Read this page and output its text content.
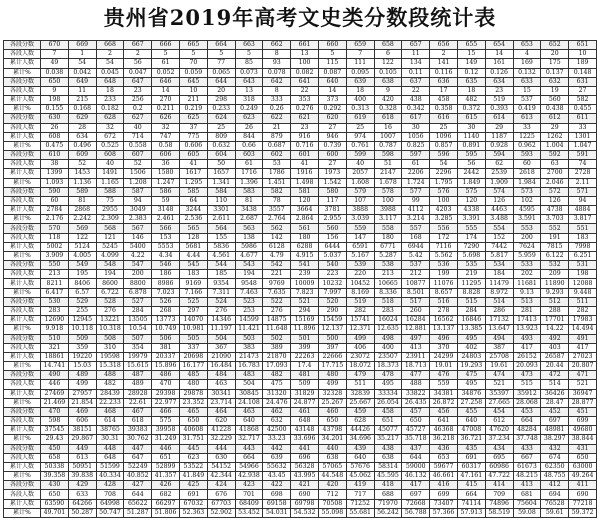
贵州省2019年高考文史类分数段统计表
各段分数	670	669	668	667	666	665	664	663	662	661	660	659	658	657	656	655	654	653	652	651
各段人数	7	1	2	2	5	5	5	5	8	13	5	7	6	11	2	15	14	4	20	10
累计人数	49	54	54	56	61	70	77	85	93	100	115	111	122	134	141	149	161	169	175	189
累计%	0.038	0.042	0.045	0.047	0.052	0.059	0.065	0.073	0.078	0.082	0.087	0.095	0.105	0.11	0.116	0.12	0.126	0.132	0.137	0.148
各段分数	650	649	648	647	646	645	644	643	642	641	640	639	638	637	636	635	634	633	632	631
各段人数	9	11	18	23	14	10	20	13	8	22	14	18	9	22	17	18	23	15	19	27
累计人数	198	215	233	256	270	211	298	318	333	353	373	400	420	438	458	482	519	537	560	582
累计%	0.155	0.168	0.182	0.2	0.211	0.219	0.233	0.249	0.26	0.276	0.292	0.313	0.328	0.342	0.358	0.372	0.393	0.419	0.438	0.455
各段分数	630	629	628	627	626	625	624	623	622	621	620	619	618	617	616	615	614	613	612	611
各段人数	26	28	32	40	32	37	25	26	21	23	27	25	16	30	25	30	29	33	29	33
累计人数	608	634	672	714	747	775	809	844	879	916	946	974	1007	1056	1096	1140	1187	1225	1262	1301
累计%	0.475	0.496	0.525	0.558	0.58	0.606	0.632	0.66	0.687	0.716	0.739	0.761	0.787	0.825	0.857	0.891	0.928	0.962	1.004	1.047
各段分数	610	609	608	607	606	605	604	603	602	601	600	599	598	597	596	595	594	593	592	591
各段人数	38	52	40	52	36	41	50	61	53	41	27	40	51	61	54	56	62	60	63	74
累计人数	1399	1453	1491	1506	1580	1617	1657	1716	1786	1916	1973	2057	2147	2206	2296	2442	2539	2618	2700	2728
累计%	1.093	1.136	1.165	1.208	1.247	1.295	1.341	1.396	1.451	1.498	1.542	1.608	1.678	1.724	1.795	1.849	1.909	1.984	2.046	2.11
各段分数	590	589	588	587	586	585	584	583	582	581	580	579	578	577	576	575	574	573	572	571
各段人数	60	81	75	94	59	64	110	81	78	120	117	107	100	99	100	120	126	102	126	94
累计人数	2784	2868	2955	3049	3148	3244	3301	3438	3557	3664	3781	3888	3988	4112	4203	4338	4463	4595	4738	4884
累计%	2.176	2.242	2.309	2.383	2.461	2.536	2.611	2.687	2.764	2.864	2.955	3.039	3.117	3.214	3.285	3.391	3.488	3.591	3.703	3.817
各段分数	570	569	568	567	566	565	564	563	562	561	560	559	558	557	556	555	554	553	552	551
各段人数	118	122	121	146	153	128	155	138	142	180	156	147	180	168	172	174	152	200	191	183
累计人数	5002	5124	5245	5400	5553	5681	5836	5986	6128	6288	6444	6591	6771	6944	7116	7290	7442	7624	7815	7998
累计%	3.909	4.005	4.099	4.22	4.34	4.44	4.561	4.677	4.79	4.915	5.037	5.167	5.287	5.42	5.562	5.698	5.817	5.959	6.122	6.251
各段分数	550	549	548	547	546	545	544	543	542	541	540	539	538	537	536	535	534	533	532	531
各段人数	213	195	194	200	186	183	185	194	221	239	223	220	213	212	199	219	184	202	209	198
累计人数	8211	8406	8600	8800	8986	9169	9354	9548	9769	10009	10232	10452	10665	10877	11076	11295	11479	11681	11890	12088
累计%	6.417	6.57	6.722	6.878	7.023	7.166	7.311	7.463	7.635	7.823	7.997	8.169	8.336	8.501	8.657	8.828	8.972	9.13	9.293	9.448
各段分数	530	529	528	527	526	525	524	523	522	521	520	519	518	517	516	515	514	513	512	511
各段人数	283	255	276	284	268	297	276	253	276	294	290	282	283	260	278	284	286	281	288	282
累计人数	12690	12945	13221	13505	13773	14070	14346	14599	14875	15169	15459	15741	16024	16284	16562	16846	17132	17413	17701	17983
累计%	9.918	10.118	10.318	10.54	10.749	10.981	11.197	11.421	11.648	11.896	12.137	12.371	12.635	12.881	13.137	13.385	13.647	13.923	14.22	14.494
各段分数	510	509	508	507	506	505	504	503	502	501	500	499	498	497	496	495	494	493	492	491
各段人数	321	359	310	354	381	337	367	383	389	399	397	406	400	413	370	402	387	417	403	417
累计人数	18861	19220	19598	19979	20337	20698	21090	21473	21870	22263	22666	23072	23507	23911	24299	24803	25708	26152	26587	27023
累计%	14.741	15.03	15.318	15.615	15.896	16.177	16.484	16.783	17.093	17.4	17.715	18.072	18.373	18.713	19.01	19.293	19.61	20.093	20.44	20.807
各段分数	490	489	488	487	486	485	484	483	482	481	480	479	478	477	476	475	474	473	472	471
各段人数	446	499	482	489	470	480	463	504	475	509	499	511	495	488	559	495	521	515	514	521
累计人数	27469	27957	28439	28928	29398	29878	30341	30845	31320	31829	32328	32839	33334	33822	34381	34876	35397	35912	36426	36947
累计%	21.469	21.854	22.233	22.61	22.977	23.352	23.714	24.108	24.476	24.877	25.267	25.667	26.054	26.435	26.872	27.258	27.665	28.068	28.47	28.877
各段分数	470	469	468	467	466	465	464	463	462	461	460	459	458	457	456	455	454	453	452	451
各段人数	598	606	614	618	575	650	620	640	632	648	650	628	651	650	641	640	612	664	697	699
累计人数	37545	38151	38765	39383	39958	40608	41228	41868	42500	43148	43798	44426	45077	45727	46368	47008	47620	48284	48981	49680
累计%	29.43	29.867	30.31	30.762	31.249	31.751	32.229	32.717	33.23	33.696	34.201	34.696	35.217	35.718	36.218	36.721	37.234	37.748	38.297	38.844
各段分数	450	449	448	447	446	445	444	443	442	441	440	439	438	437	436	435	434	433	432	431
各段人数	658	613	648	647	651	623	630	664	639	696	638	640	638	644	653	691	695	667	674	650
累计人数	50338	50951	51599	52249	52899	53522	54152	54966	55632	56328	57065	57676	58314	59000	59677	60317	60986	61673	62350	63000
累计%	39.358	39.838	40.334	40.852	41.357	41.849	42.344	42.938	43.45	43.995	44.548	45.062	45.595	46.132	46.661	47.161	47.722	48.215	48.755	49.264
各段分数	430	429	428	427	426	425	424	423	422	421	420	419	418	417	416	415	414	413	412	411
各段人数	650	633	708	644	682	691	676	701	698	690	712	717	688	697	699	664	709	681	694	690
累计人数	63590	64266	64998	65622	66297	67032	67703	68409	69158	69798	70508	71252	71970	72668	73407	74114	74896	75604	76528	77218
累计%	49.701	50.287	50.747	51.287	51.806	52.363	52.902	53.452	54.031	54.532	55.098	55.681	56.242	56.788	57.366	57.913	58.519	59.08	59.61	59.372
